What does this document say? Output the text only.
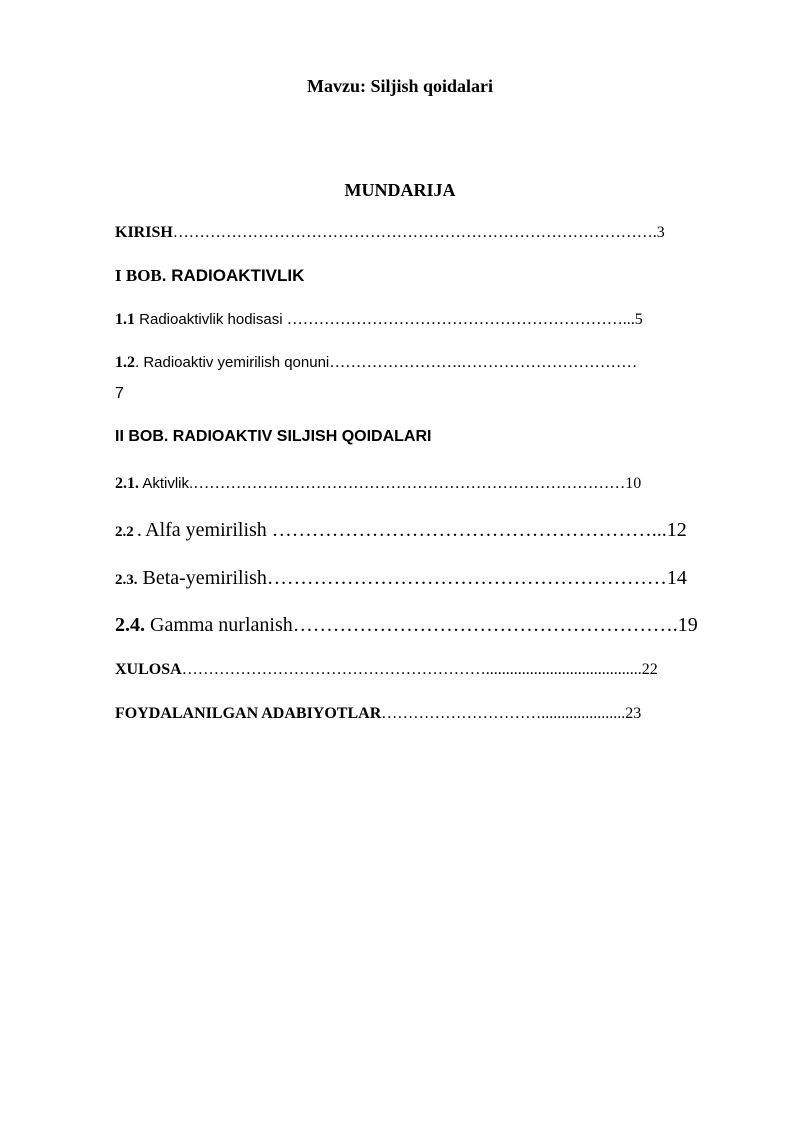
Mavzu: Siljish qoidalari
MUNDARIJA
KIRISH……………………………………………………………………………….3
I BOB. RADIOAKTIVLIK
1.1 Radioaktivlik hodisasi ………………………………………………………...5
1.2. Radioaktiv yemirilish qonuni…………………….……………………………
7
II BOB. RADIOAKTIV SILJISH QOIDALARI
2.1. Aktivlik.………………………………………………………………………10
2.2 . Alfa yemirilish …………………………………………………...12
2.3. Beta-yemirilish……………………………………………………14
2.4. Gamma nurlanish………………………………………………….19
XULOSA………………………………………………….......................................22
FOYDALANILGAN ADABIYOTLAR………………………….....................23
